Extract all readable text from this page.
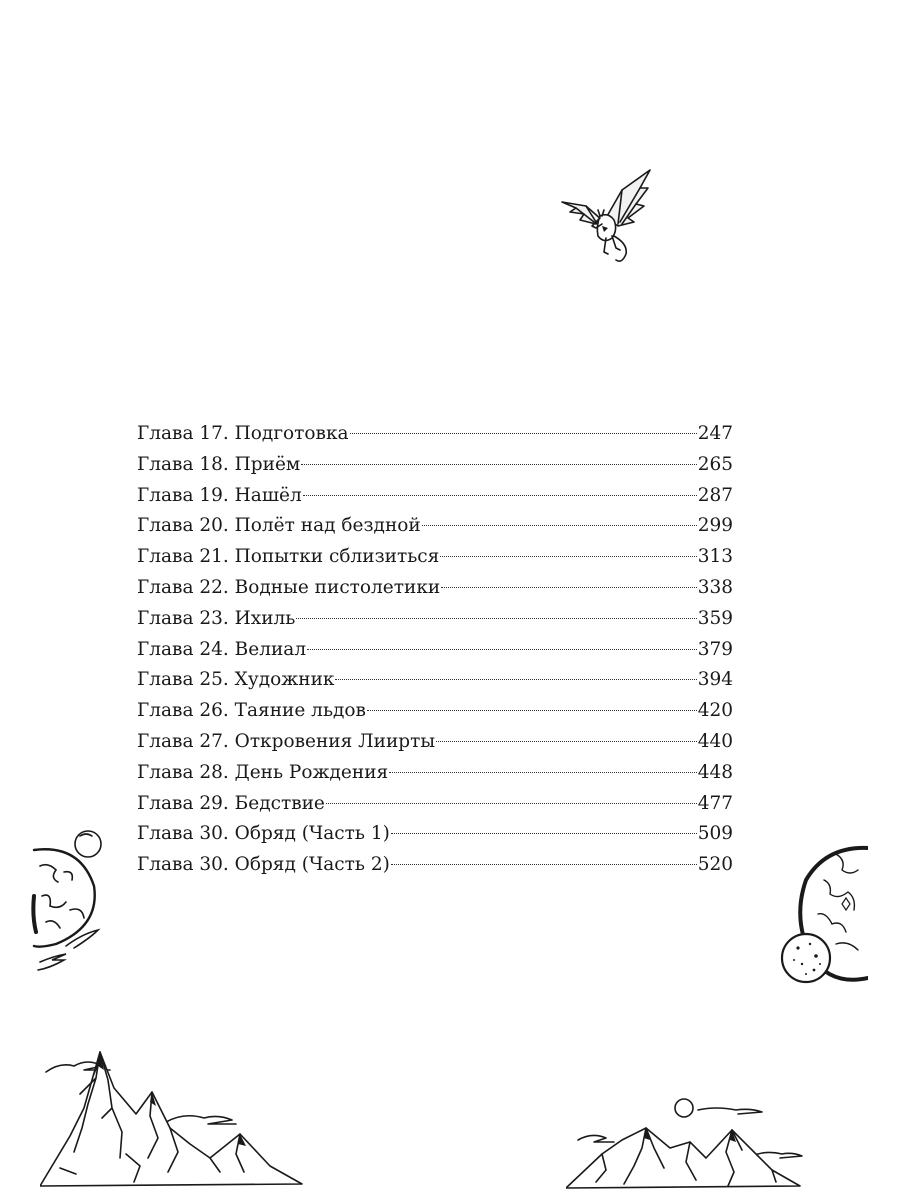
Глава 17. Подготовка	247
Глава 18. Приём	265
Глава 19. Нашёл	287
Глава 20. Полёт над бездной	299
Глава 21. Попытки сблизиться	313
Глава 22. Водные пистолетики	338
Глава 23. Ихиль	359
Глава 24. Велиал	379
Глава 25. Художник	394
Глава 26. Таяние льдов	420
Глава 27. Откровения Лиирты	440
Глава 28. День Рождения	448
Глава 29. Бедствие	477
Глава 30. Обряд (Часть 1)	509
Глава 30. Обряд (Часть 2)	520
